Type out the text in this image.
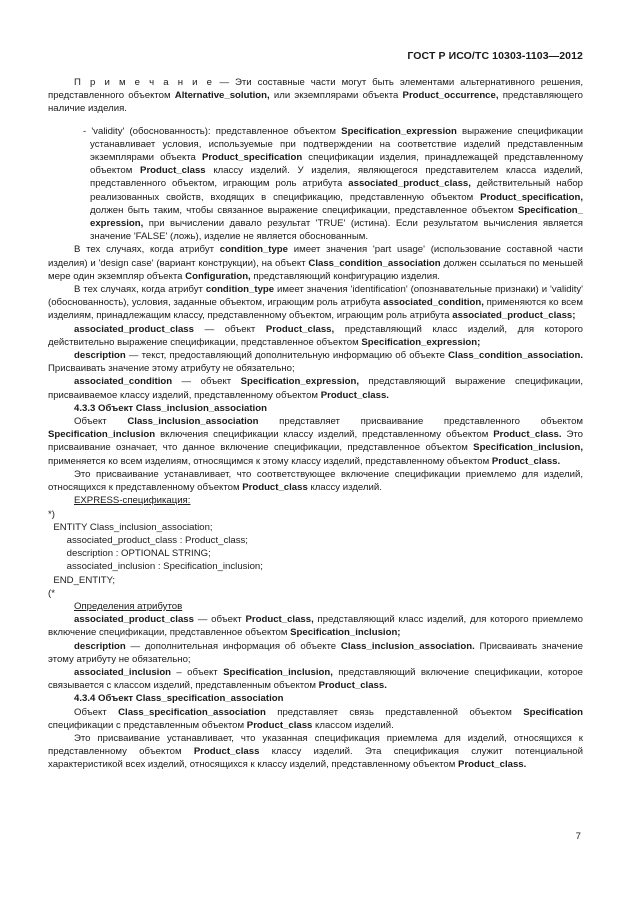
ГОСТ Р ИСО/ТС 10303-1103—2012

П р и м е ч а н и е — Эти составные части могут быть элементами альтернативного решения, представленного объектом Alternative_solution, или экземплярами объекта Product_occurrence, представляющего наличие изделия.

- 'validity' (обоснованность): представленное объектом Specification_expression выражение спецификации устанавливает условия, используемые при подтверждении на соответствие изделий представленным экземплярами объекта Product_specification спецификации изделия, принадлежащей представленному объектом Product_class классу изделий. У изделия, являющегося представителем класса изделий, представленного объектом, играющим роль атрибута associated_product_class, действительный набор реализованных свойств, входящих в спецификацию, представленную объектом Product_specification, должен быть таким, чтобы связанное выражение спецификации, представленное объектом Specification_ expression, при вычислении давало результат 'TRUE' (истина). Если результатом вычисления является значение 'FALSE' (ложь), изделие не является обоснованным.

В тех случаях, когда атрибут condition_type имеет значения 'part usage' (использование составной части изделия) и 'design case' (вариант конструкции), на объект Class_condition_association должен ссылаться по меньшей мере один экземпляр объекта Configuration, представляющий конфигурацию изделия.

В тех случаях, когда атрибут condition_type имеет значения 'identification' (опознавательные признаки) и 'validity' (обоснованность), условия, заданные объектом, играющим роль атрибута associated_condition, применяются ко всем изделиям, принадлежащим классу, представленному объектом, играющим роль атрибута associated_product_class;

associated_product_class — объект Product_class, представляющий класс изделий, для которого действительно выражение спецификации, представленное объектом Specification_expression;

description — текст, предоставляющий дополнительную информацию об объекте Class_condition_association. Присваивать значение этому атрибуту не обязательно;

associated_condition — объект Specification_expression, представляющий выражение спецификации, присваиваемое классу изделий, представленному объектом Product_class.

4.3.3 Объект Class_inclusion_association

Объект Class_inclusion_association представляет присваивание представленного объектом Specification_inclusion включения спецификации классу изделий, представленному объектом Product_class. Это присваивание означает, что данное включение спецификации, представленное объектом Specification_inclusion, применяется ко всем изделиям, относящимся к этому классу изделий, представленному объектом Product_class.

Это присваивание устанавливает, что соответствующее включение спецификации приемлемо для изделий, относящихся к представленному объектом Product_class классу изделий.

EXPRESS-спецификация:

*)

ENTITY Class_inclusion_association;

associated_product_class : Product_class;

description : OPTIONAL STRING;

associated_inclusion : Specification_inclusion;

END_ENTITY;

(*

Определения атрибутов

associated_product_class — объект Product_class, представляющий класс изделий, для которого приемлемо включение спецификации, представленное объектом Specification_inclusion;

description — дополнительная информация об объекте Class_inclusion_association. Присваивать значение этому атрибуту не обязательно;

associated_inclusion – объект Specification_inclusion, представляющий включение спецификации, которое связывается с классом изделий, представленным объектом Product_class.

4.3.4 Объект Class_specification_association

Объект Class_specification_association представляет связь представленной объектом Specification спецификации с представленным объектом Product_class классом изделий.

Это присваивание устанавливает, что указанная спецификация приемлема для изделий, относящихся к представленному объектом Product_class классу изделий. Эта спецификация служит потенциальной характеристикой всех изделий, относящихся к классу изделий, представленному объектом Product_class.

7
